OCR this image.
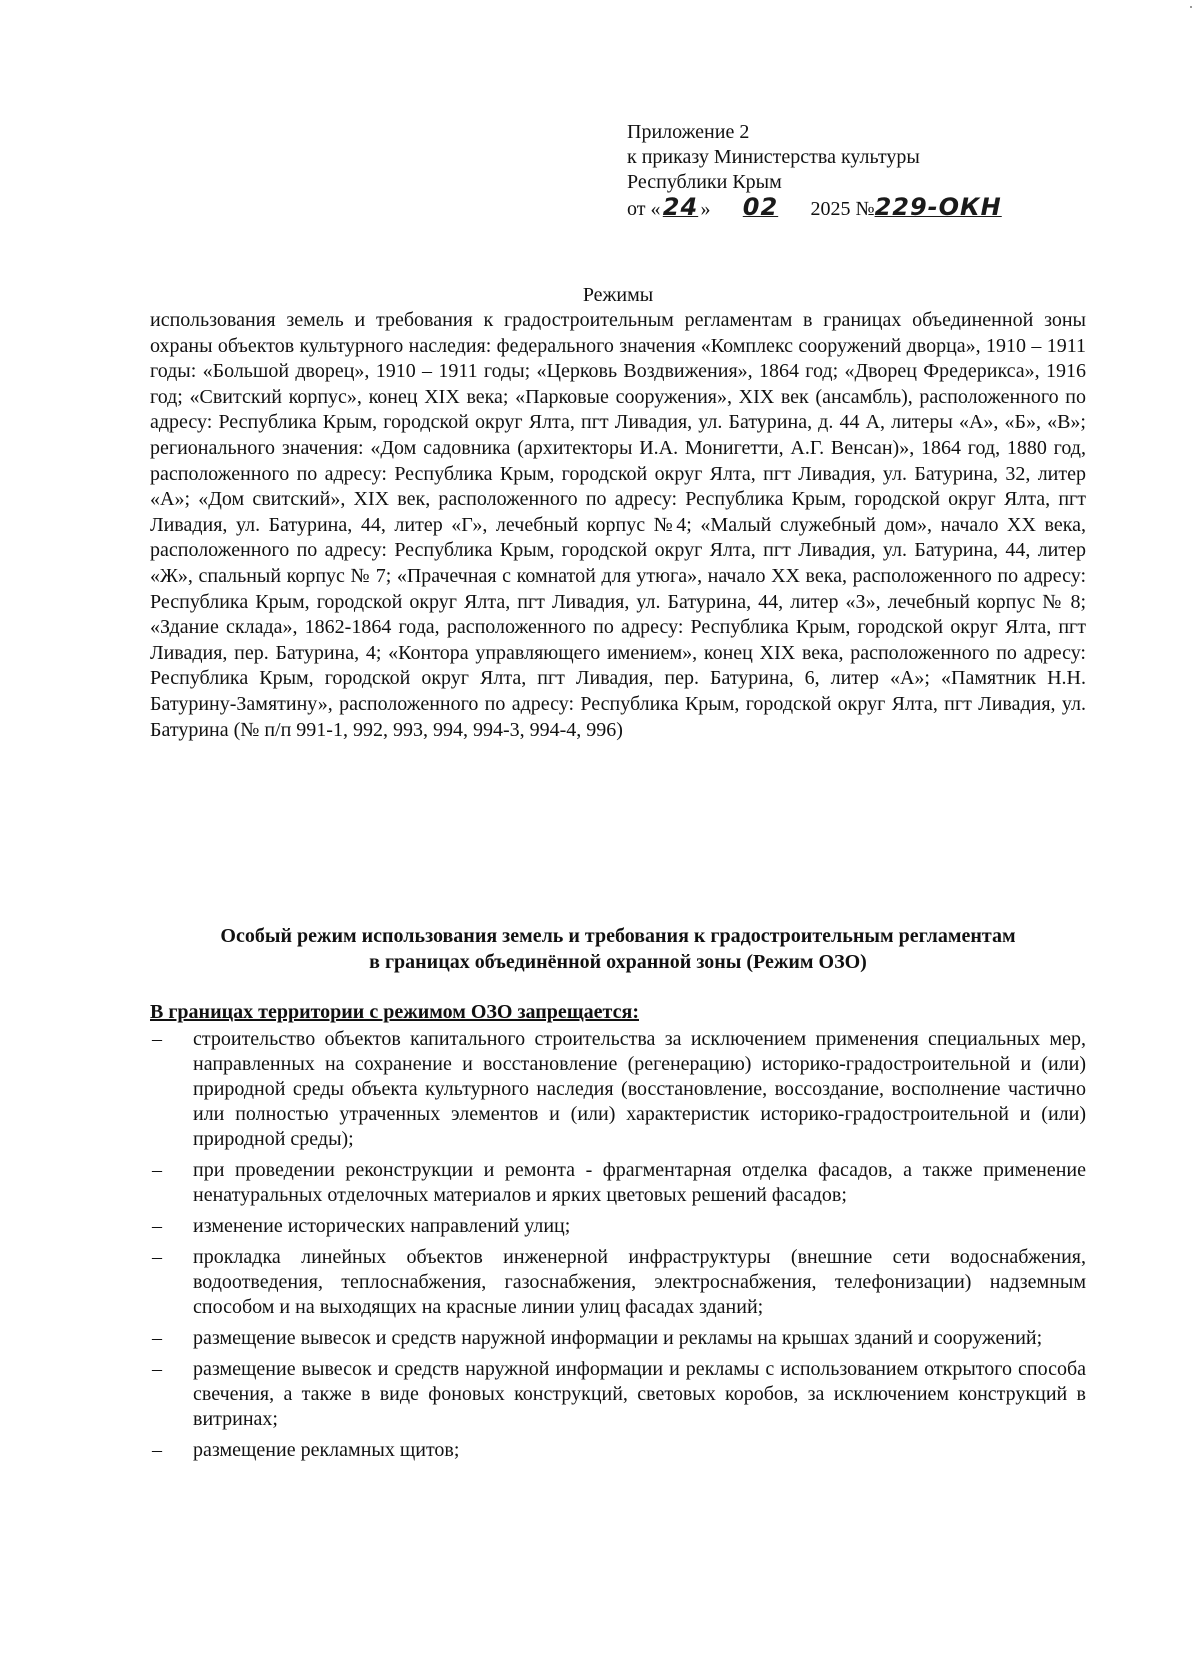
Приложение 2
к приказу Министерства культуры
Республики Крым
от «24 » 02 2025 №229-ОКН
Режимы
использования земель и требования к градостроительным регламентам в границах объединенной зоны охраны объектов культурного наследия: федерального значения «Комплекс сооружений дворца», 1910 – 1911 годы: «Большой дворец», 1910 – 1911 годы; «Церковь Воздвижения», 1864 год; «Дворец Фредерикса», 1916 год; «Свитский корпус», конец XIX века; «Парковые сооружения», XIX век (ансамбль), расположенного по адресу: Республика Крым, городской округ Ялта, пгт Ливадия, ул. Батурина, д. 44 А, литеры «А», «Б», «В»; регионального значения: «Дом садовника (архитекторы И.А. Монигетти, А.Г. Венсан)», 1864 год, 1880 год, расположенного по адресу: Республика Крым, городской округ Ялта, пгт Ливадия, ул. Батурина, 32, литер «А»; «Дом свитский», XIX век, расположенного по адресу: Республика Крым, городской округ Ялта, пгт Ливадия, ул. Батурина, 44, литер «Г», лечебный корпус №4; «Малый служебный дом», начало XX века, расположенного по адресу: Республика Крым, городской округ Ялта, пгт Ливадия, ул. Батурина, 44, литер «Ж», спальный корпус № 7; «Прачечная с комнатой для утюга», начало XX века, расположенного по адресу: Республика Крым, городской округ Ялта, пгт Ливадия, ул. Батурина, 44, литер «З», лечебный корпус № 8; «Здание склада», 1862-1864 года, расположенного по адресу: Республика Крым, городской округ Ялта, пгт Ливадия, пер. Батурина, 4; «Контора управляющего имением», конец XIX века, расположенного по адресу: Республика Крым, городской округ Ялта, пгт Ливадия, пер. Батурина, 6, литер «А»; «Памятник Н.Н. Батурину-Замятину», расположенного по адресу: Республика Крым, городской округ Ялта, пгт Ливадия, ул. Батурина (№ п/п 991-1, 992, 993, 994, 994-3, 994-4, 996)
Особый режим использования земель и требования к градостроительным регламентам
в границах объединённой охранной зоны (Режим ОЗО)
В границах территории с режимом ОЗО запрещается:
–	строительство объектов капитального строительства за исключением применения специальных мер, направленных на сохранение и восстановление (регенерацию) историко-градостроительной и (или) природной среды объекта культурного наследия (восстановление, воссоздание, восполнение частично или полностью утраченных элементов и (или) характеристик историко-градостроительной и (или) природной среды);
–	при проведении реконструкции и ремонта - фрагментарная отделка фасадов, а также применение ненатуральных отделочных материалов и ярких цветовых решений фасадов;
–	изменение исторических направлений улиц;
–	прокладка линейных объектов инженерной инфраструктуры (внешние сети водоснабжения, водоотведения, теплоснабжения, газоснабжения, электроснабжения, телефонизации) надземным способом и на выходящих на красные линии улиц фасадах зданий;
–	размещение вывесок и средств наружной информации и рекламы на крышах зданий и сооружений;
–	размещение вывесок и средств наружной информации и рекламы с использованием открытого способа свечения, а также в виде фоновых конструкций, световых коробов, за исключением конструкций в витринах;
–	размещение рекламных щитов;
